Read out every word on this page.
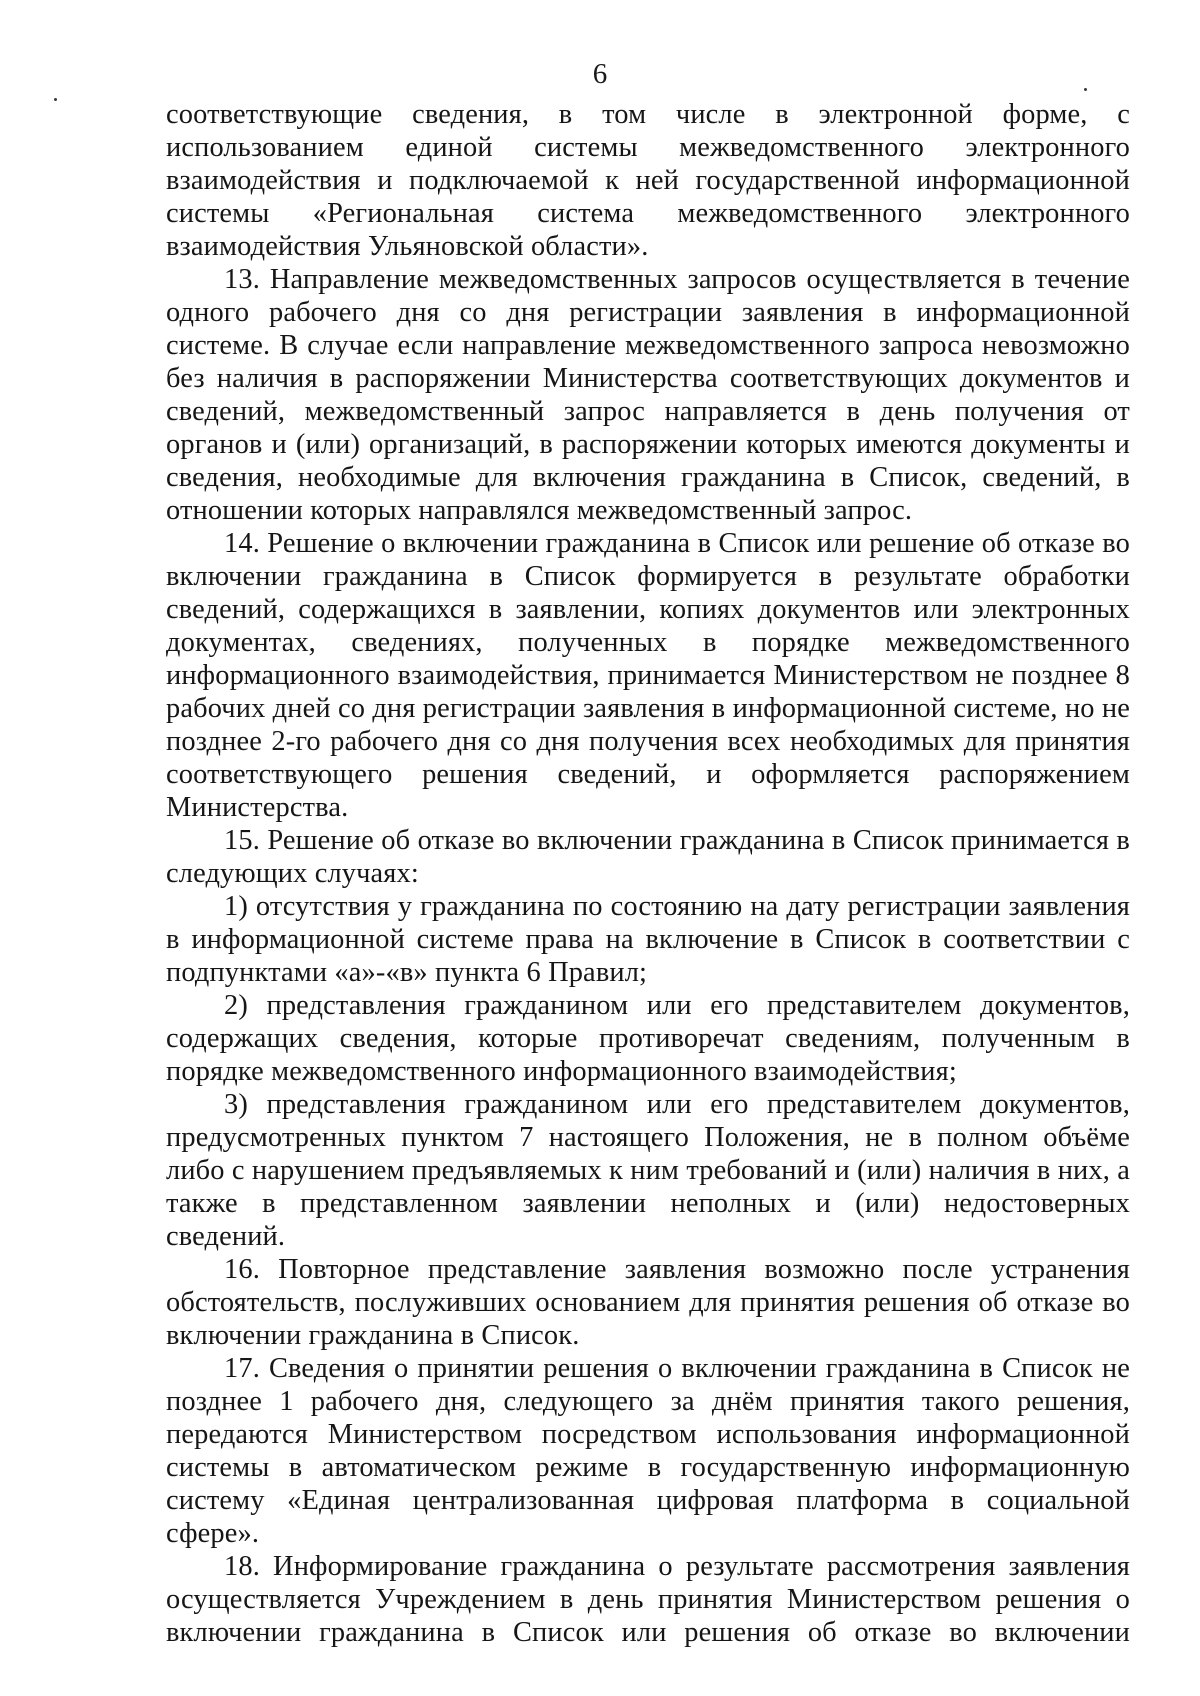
6

соответствующие сведения, в том числе в электронной форме, с использованием единой системы межведомственного электронного взаимодействия и подключаемой к ней государственной информационной системы «Региональная система межведомственного электронного взаимодействия Ульяновской области».

13. Направление межведомственных запросов осуществляется в течение одного рабочего дня со дня регистрации заявления в информационной системе. В случае если направление межведомственного запроса невозможно без наличия в распоряжении Министерства соответствующих документов и сведений, межведомственный запрос направляется в день получения от органов и (или) организаций, в распоряжении которых имеются документы и сведения, необходимые для включения гражданина в Список, сведений, в отношении которых направлялся межведомственный запрос.

14. Решение о включении гражданина в Список или решение об отказе во включении гражданина в Список формируется в результате обработки сведений, содержащихся в заявлении, копиях документов или электронных документах, сведениях, полученных в порядке межведомственного информационного взаимодействия, принимается Министерством не позднее 8 рабочих дней со дня регистрации заявления в информационной системе, но не позднее 2-го рабочего дня со дня получения всех необходимых для принятия соответствующего решения сведений, и оформляется распоряжением Министерства.

15. Решение об отказе во включении гражданина в Список принимается в следующих случаях:

1) отсутствия у гражданина по состоянию на дату регистрации заявления в информационной системе права на включение в Список в соответствии с подпунктами «а»-«в» пункта 6 Правил;

2) представления гражданином или его представителем документов, содержащих сведения, которые противоречат сведениям, полученным в порядке межведомственного информационного взаимодействия;

3) представления гражданином или его представителем документов, предусмотренных пунктом 7 настоящего Положения, не в полном объёме либо с нарушением предъявляемых к ним требований и (или) наличия в них, а также в представленном заявлении неполных и (или) недостоверных сведений.

16. Повторное представление заявления возможно после устранения обстоятельств, послуживших основанием для принятия решения об отказе во включении гражданина в Список.

17. Сведения о принятии решения о включении гражданина в Список не позднее 1 рабочего дня, следующего за днём принятия такого решения, передаются Министерством посредством использования информационной системы в автоматическом режиме в государственную информационную систему «Единая централизованная цифровая платформа в социальной сфере».

18. Информирование гражданина о результате рассмотрения заявления осуществляется Учреждением в день принятия Министерством решения о включении гражданина в Список или решения об отказе во включении
